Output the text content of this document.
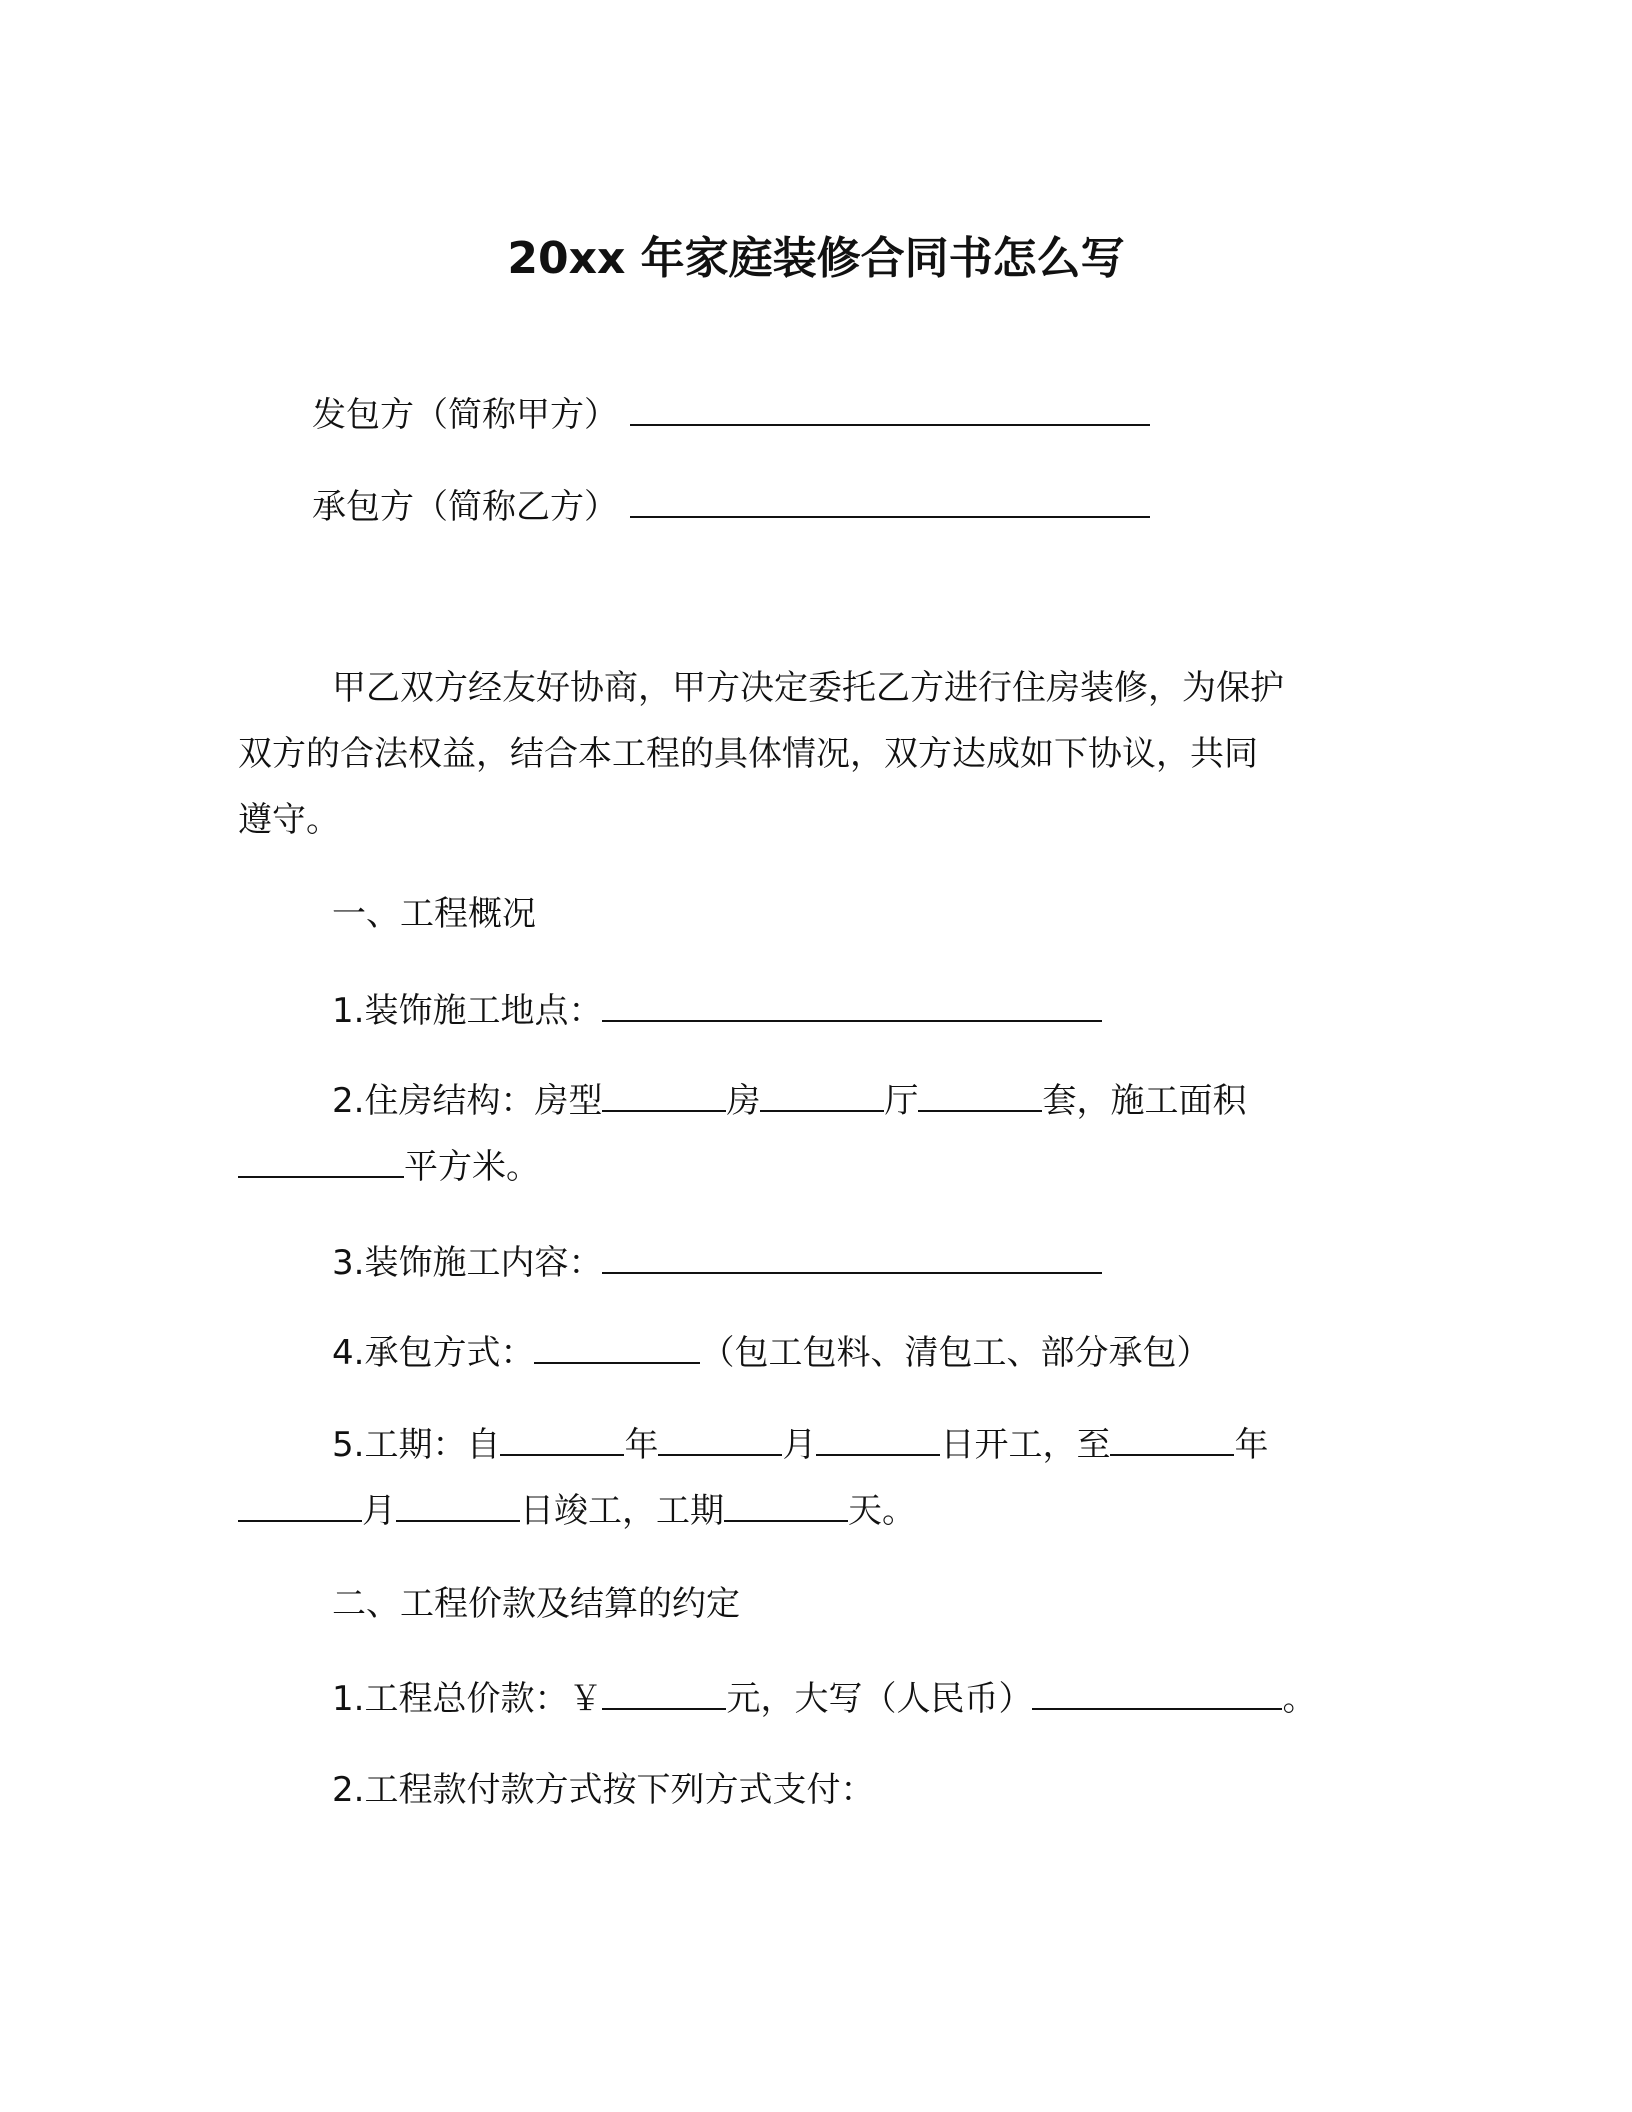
20xx 年家庭装修合同书怎么写
发包方（简称甲方）
承包方（简称乙方）
甲乙双方经友好协商，甲方决定委托乙方进行住房装修，为保护
双方的合法权益，结合本工程的具体情况，双方达成如下协议，共同
遵守。
一、工程概况
1.装饰施工地点：
2.住房结构：房型	房	厅	套，施工面积
平方米。
3.装饰施工内容：
4.承包方式：	（包工包料、清包工、部分承包）
5.工期：自	年	月	日开工，至	年
月	日竣工，工期	天。
二、工程价款及结算的约定
1.工程总价款：￥	元，大写（人民币）	。
2.工程款付款方式按下列方式支付：
